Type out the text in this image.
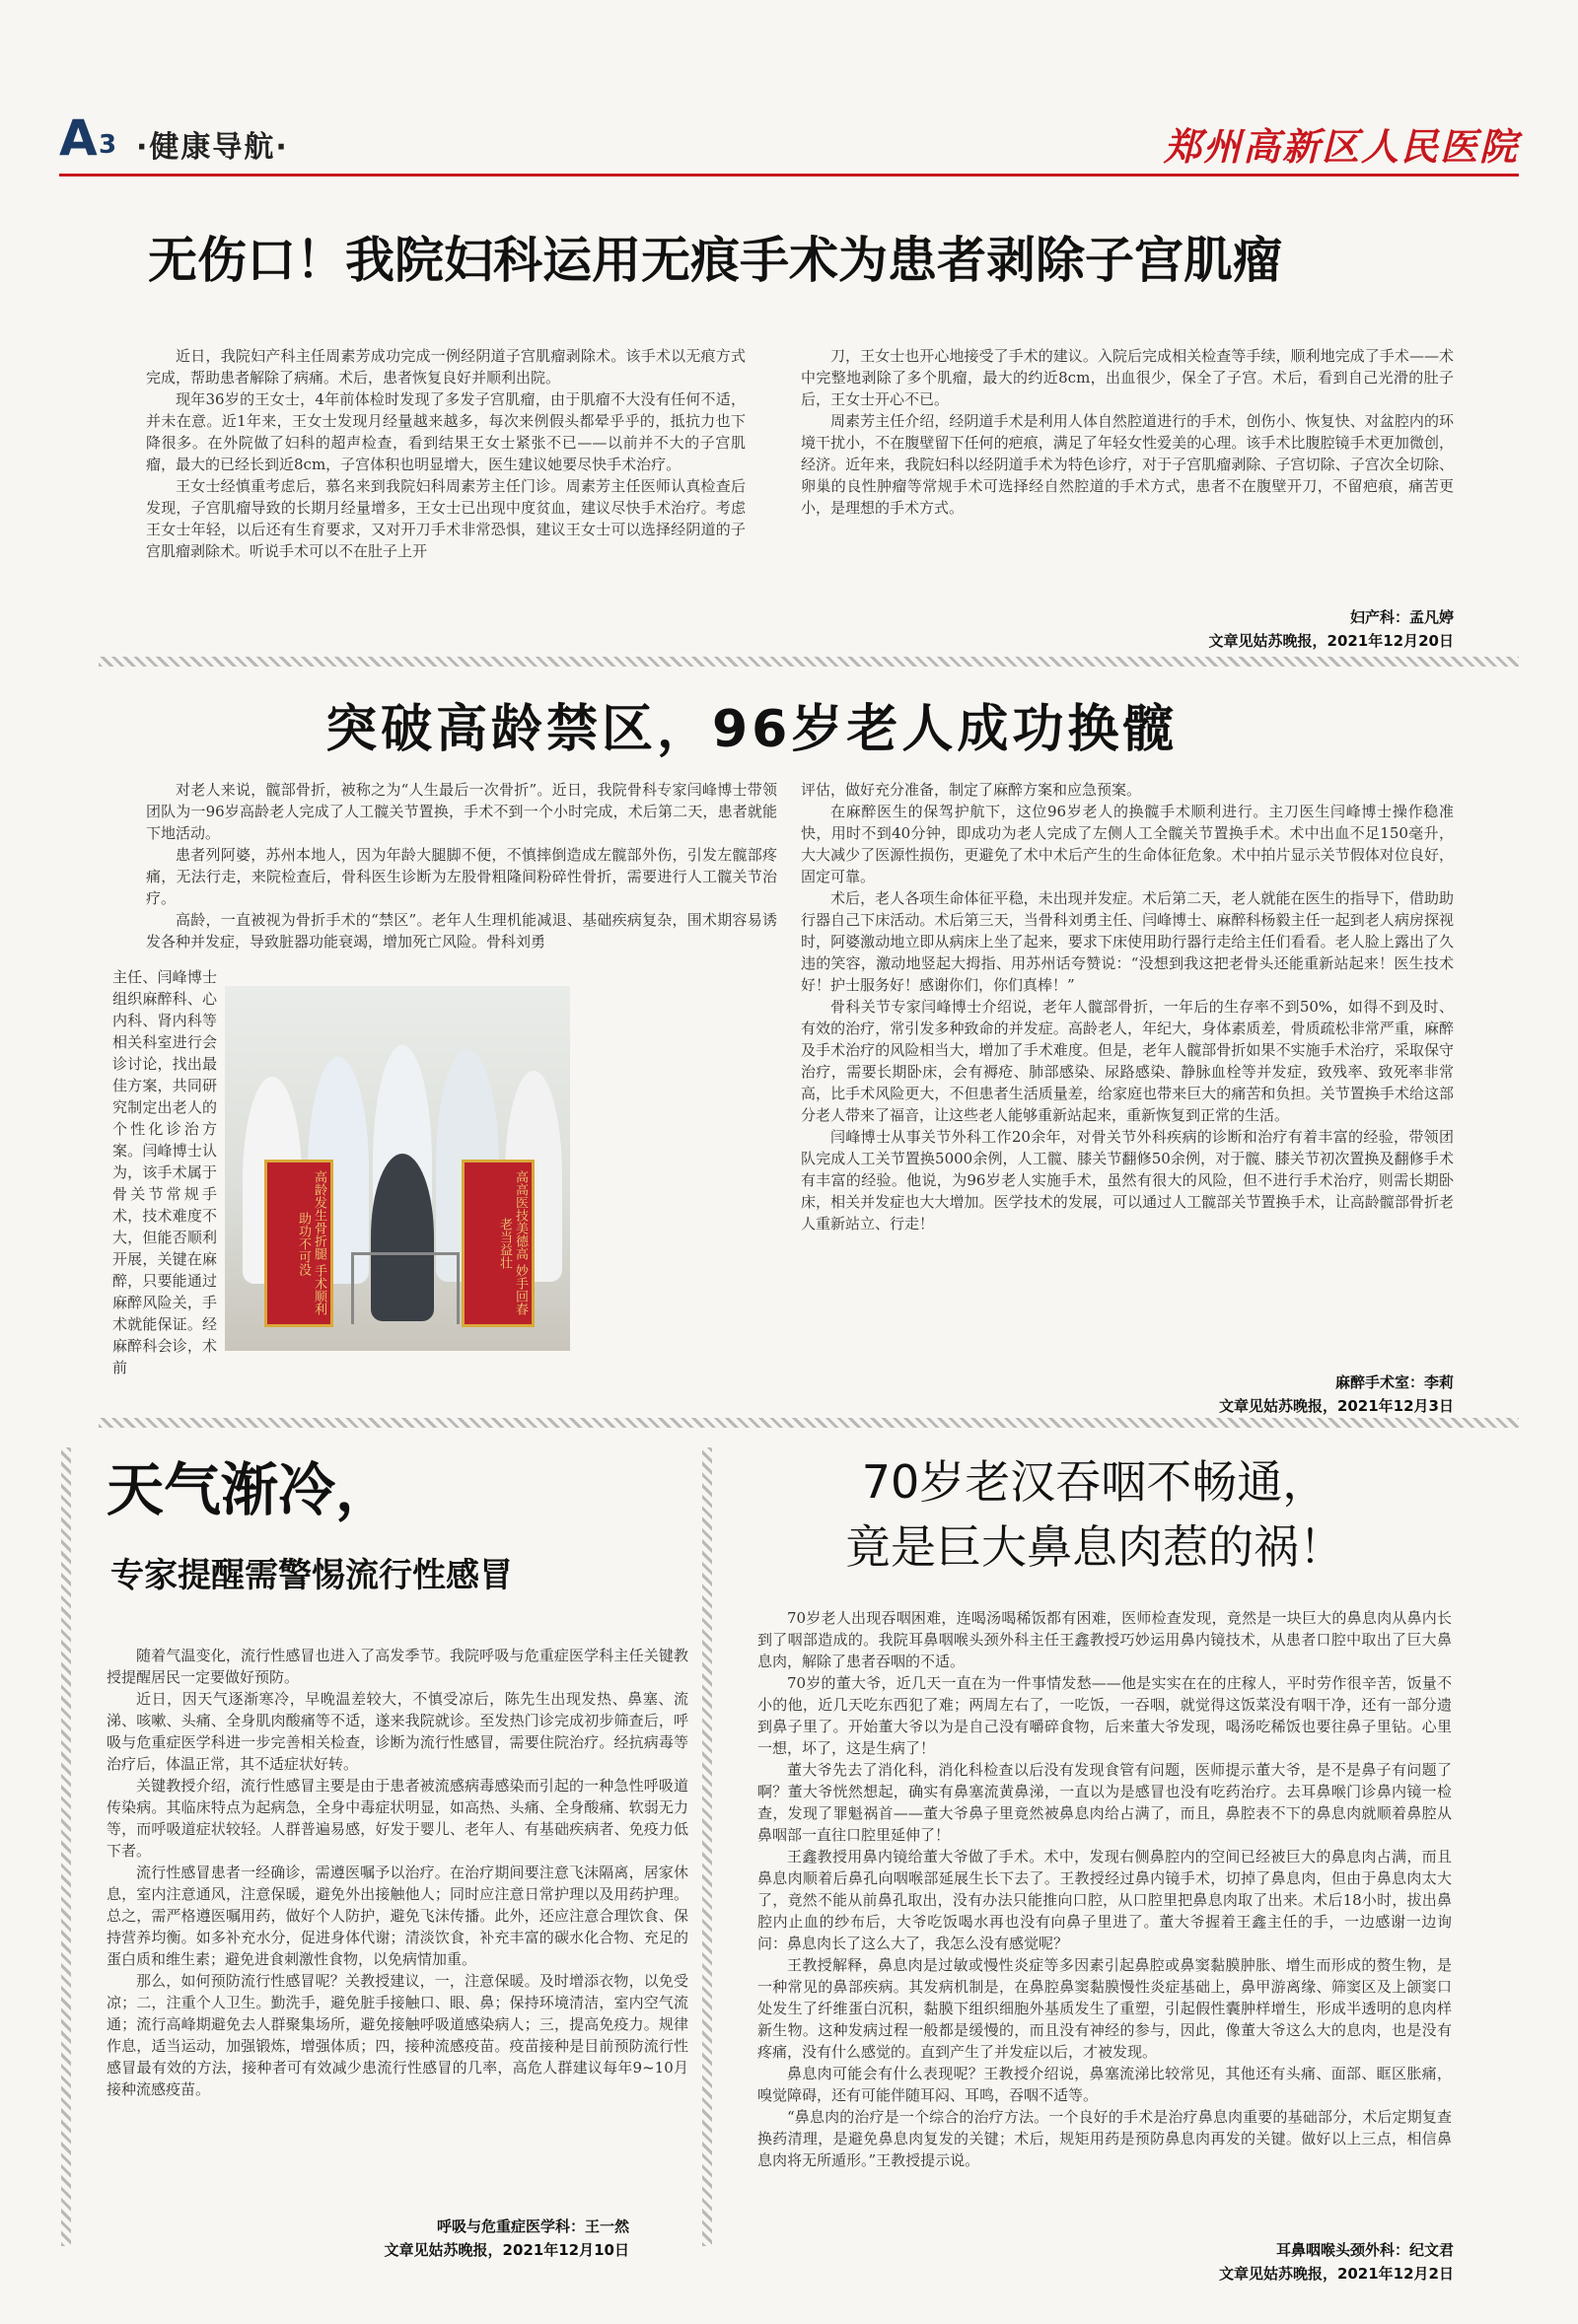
A 3 ·健康导航·	郑州高新区人民医院
无伤口！我院妇科运用无痕手术为患者剥除子宫肌瘤

近日，我院妇产科主任周素芳成功完成一例经阴道子宫肌瘤剥除术。该手术以无痕方式完成，帮助患者解除了病痛。术后，患者恢复良好并顺利出院。

现年36岁的王女士，4年前体检时发现了多发子宫肌瘤，由于肌瘤不大没有任何不适，并未在意。近1年来，王女士发现月经量越来越多，每次来例假头都晕乎乎的，抵抗力也下降很多。在外院做了妇科的超声检查，看到结果王女士紧张不已——以前并不大的子宫肌瘤，最大的已经长到近8cm，子宫体积也明显增大，医生建议她要尽快手术治疗。

王女士经慎重考虑后，慕名来到我院妇科周素芳主任门诊。周素芳主任医师认真检查后发现，子宫肌瘤导致的长期月经量增多，王女士已出现中度贫血，建议尽快手术治疗。考虑王女士年轻，以后还有生育要求，又对开刀手术非常恐惧，建议王女士可以选择经阴道的子宫肌瘤剥除术。听说手术可以不在肚子上开

刀，王女士也开心地接受了手术的建议。入院后完成相关检查等手续，顺利地完成了手术——术中完整地剥除了多个肌瘤，最大的约近8cm，出血很少，保全了子宫。术后，看到自己光滑的肚子后，王女士开心不已。

周素芳主任介绍，经阴道手术是利用人体自然腔道进行的手术，创伤小、恢复快、对盆腔内的环境干扰小，不在腹壁留下任何的疤痕，满足了年轻女性爱美的心理。该手术比腹腔镜手术更加微创，经济。近年来，我院妇科以经阴道手术为特色诊疗，对于子宫肌瘤剥除、子宫切除、子宫次全切除、卵巢的良性肿瘤等常规手术可选择经自然腔道的手术方式，患者不在腹壁开刀，不留疤痕，痛苦更小，是理想的手术方式。

妇产科：孟凡婷
文章见姑苏晚报，2021年12月20日
突破高龄禁区，96岁老人成功换髋

对老人来说，髋部骨折，被称之为“人生最后一次骨折”。近日，我院骨科专家闫峰博士带领团队为一96岁高龄老人完成了人工髋关节置换，手术不到一个小时完成，术后第二天，患者就能下地活动。

患者列阿婆，苏州本地人，因为年龄大腿脚不便，不慎摔倒造成左髋部外伤，引发左髋部疼痛，无法行走，来院检查后，骨科医生诊断为左股骨粗隆间粉碎性骨折，需要进行人工髋关节治疗。

高龄，一直被视为骨折手术的“禁区”。老年人生理机能减退、基础疾病复杂，围术期容易诱发各种并发症，导致脏器功能衰竭，增加死亡风险。骨科刘勇

主任、闫峰博士组织麻醉科、心内科、肾内科等相关科室进行会诊讨论，找出最佳方案，共同研究制定出老人的个性化诊治方案。闫峰博士认为，该手术属于骨关节常规手术，技术难度不大，但能否顺利开展，关键在麻醉，只要能通过麻醉风险关，手术就能保证。经麻醉科会诊，术前

高龄发生骨折腿 手术顺利助功不可没	高高医技美德高 妙手回春老当益壮

评估，做好充分准备，制定了麻醉方案和应急预案。

在麻醉医生的保驾护航下，这位96岁老人的换髋手术顺利进行。主刀医生闫峰博士操作稳准快，用时不到40分钟，即成功为老人完成了左侧人工全髋关节置换手术。术中出血不足150毫升，大大减少了医源性损伤，更避免了术中术后产生的生命体征危象。术中拍片显示关节假体对位良好，固定可靠。

术后，老人各项生命体征平稳，未出现并发症。术后第二天，老人就能在医生的指导下，借助助行器自己下床活动。术后第三天，当骨科刘勇主任、闫峰博士、麻醉科杨毅主任一起到老人病房探视时，阿婆激动地立即从病床上坐了起来，要求下床使用助行器行走给主任们看看。老人脸上露出了久违的笑容，激动地竖起大拇指、用苏州话夸赞说：“没想到我这把老骨头还能重新站起来！医生技术好！护士服务好！感谢你们，你们真棒！”

骨科关节专家闫峰博士介绍说，老年人髋部骨折，一年后的生存率不到50%，如得不到及时、有效的治疗，常引发多种致命的并发症。高龄老人，年纪大，身体素质差，骨质疏松非常严重，麻醉及手术治疗的风险相当大，增加了手术难度。但是，老年人髋部骨折如果不实施手术治疗，采取保守治疗，需要长期卧床，会有褥疮、肺部感染、尿路感染、静脉血栓等并发症，致残率、致死率非常高，比手术风险更大，不但患者生活质量差，给家庭也带来巨大的痛苦和负担。关节置换手术给这部分老人带来了福音，让这些老人能够重新站起来，重新恢复到正常的生活。

闫峰博士从事关节外科工作20余年，对骨关节外科疾病的诊断和治疗有着丰富的经验，带领团队完成人工关节置换5000余例，人工髋、膝关节翻修50余例，对于髋、膝关节初次置换及翻修手术有丰富的经验。他说，为96岁老人实施手术，虽然有很大的风险，但不进行手术治疗，则需长期卧床，相关并发症也大大增加。医学技术的发展，可以通过人工髋部关节置换手术，让高龄髋部骨折老人重新站立、行走！

麻醉手术室：李莉
文章见姑苏晚报，2021年12月3日
天气渐冷，
专家提醒需警惕流行性感冒

随着气温变化，流行性感冒也进入了高发季节。我院呼吸与危重症医学科主任关键教授提醒居民一定要做好预防。

近日，因天气逐渐寒冷，早晚温差较大，不慎受凉后，陈先生出现发热、鼻塞、流涕、咳嗽、头痛、全身肌肉酸痛等不适，遂来我院就诊。至发热门诊完成初步筛查后，呼吸与危重症医学科进一步完善相关检查，诊断为流行性感冒，需要住院治疗。经抗病毒等治疗后，体温正常，其不适症状好转。

关键教授介绍，流行性感冒主要是由于患者被流感病毒感染而引起的一种急性呼吸道传染病。其临床特点为起病急，全身中毒症状明显，如高热、头痛、全身酸痛、软弱无力等，而呼吸道症状较轻。人群普遍易感，好发于婴儿、老年人、有基础疾病者、免疫力低下者。

流行性感冒患者一经确诊，需遵医嘱予以治疗。在治疗期间要注意飞沫隔离，居家休息，室内注意通风，注意保暖，避免外出接触他人；同时应注意日常护理以及用药护理。总之，需严格遵医嘱用药，做好个人防护，避免飞沫传播。此外，还应注意合理饮食、保持营养均衡。如多补充水分，促进身体代谢；清淡饮食，补充丰富的碳水化合物、充足的蛋白质和维生素；避免进食刺激性食物，以免病情加重。

那么，如何预防流行性感冒呢？关教授建议，一，注意保暖。及时增添衣物，以免受凉；二，注重个人卫生。勤洗手，避免脏手接触口、眼、鼻；保持环境清洁，室内空气流通；流行高峰期避免去人群聚集场所，避免接触呼吸道感染病人；三，提高免疫力。规律作息，适当运动，加强锻炼，增强体质；四，接种流感疫苗。疫苗接种是目前预防流行性感冒最有效的方法，接种者可有效减少患流行性感冒的几率，高危人群建议每年9~10月接种流感疫苗。

呼吸与危重症医学科：王一然
文章见姑苏晚报，2021年12月10日
70岁老汉吞咽不畅通，
竟是巨大鼻息肉惹的祸！

70岁老人出现吞咽困难，连喝汤喝稀饭都有困难，医师检查发现，竟然是一块巨大的鼻息肉从鼻内长到了咽部造成的。我院耳鼻咽喉头颈外科主任王鑫教授巧妙运用鼻内镜技术，从患者口腔中取出了巨大鼻息肉，解除了患者吞咽的不适。

70岁的董大爷，近几天一直在为一件事情发愁——他是实实在在的庄稼人，平时劳作很辛苦，饭量不小的他，近几天吃东西犯了难；两周左右了，一吃饭，一吞咽，就觉得这饭菜没有咽干净，还有一部分遗到鼻子里了。开始董大爷以为是自己没有嚼碎食物，后来董大爷发现，喝汤吃稀饭也要往鼻子里钻。心里一想，坏了，这是生病了！

董大爷先去了消化科，消化科检查以后没有发现食管有问题，医师提示董大爷，是不是鼻子有问题了啊？董大爷恍然想起，确实有鼻塞流黄鼻涕，一直以为是感冒也没有吃药治疗。去耳鼻喉门诊鼻内镜一检查，发现了罪魁祸首——董大爷鼻子里竟然被鼻息肉给占满了，而且，鼻腔表不下的鼻息肉就顺着鼻腔从鼻咽部一直往口腔里延伸了！

王鑫教授用鼻内镜给董大爷做了手术。术中，发现右侧鼻腔内的空间已经被巨大的鼻息肉占满，而且鼻息肉顺着后鼻孔向咽喉部延展生长下去了。王教授经过鼻内镜手术，切掉了鼻息肉，但由于鼻息肉太大了，竟然不能从前鼻孔取出，没有办法只能推向口腔，从口腔里把鼻息肉取了出来。术后18小时，拔出鼻腔内止血的纱布后，大爷吃饭喝水再也没有向鼻子里进了。董大爷握着王鑫主任的手，一边感谢一边询问：鼻息肉长了这么大了，我怎么没有感觉呢？

王教授解释，鼻息肉是过敏或慢性炎症等多因素引起鼻腔或鼻窦黏膜肿胀、增生而形成的赘生物，是一种常见的鼻部疾病。其发病机制是，在鼻腔鼻窦黏膜慢性炎症基础上，鼻甲游离缘、筛窦区及上颌窦口处发生了纤维蛋白沉积，黏膜下组织细胞外基质发生了重塑，引起假性囊肿样增生，形成半透明的息肉样新生物。这种发病过程一般都是缓慢的，而且没有神经的参与，因此，像董大爷这么大的息肉，也是没有疼痛，没有什么感觉的。直到产生了并发症以后，才被发现。

鼻息肉可能会有什么表现呢？王教授介绍说，鼻塞流涕比较常见，其他还有头痛、面部、眶区胀痛，嗅觉障碍，还有可能伴随耳闷、耳鸣，吞咽不适等。

“鼻息肉的治疗是一个综合的治疗方法。一个良好的手术是治疗鼻息肉重要的基础部分，术后定期复查换药清理，是避免鼻息肉复发的关键；术后，规矩用药是预防鼻息肉再发的关键。做好以上三点，相信鼻息肉将无所遁形。”王教授提示说。

耳鼻咽喉头颈外科：纪文君
文章见姑苏晚报，2021年12月2日
